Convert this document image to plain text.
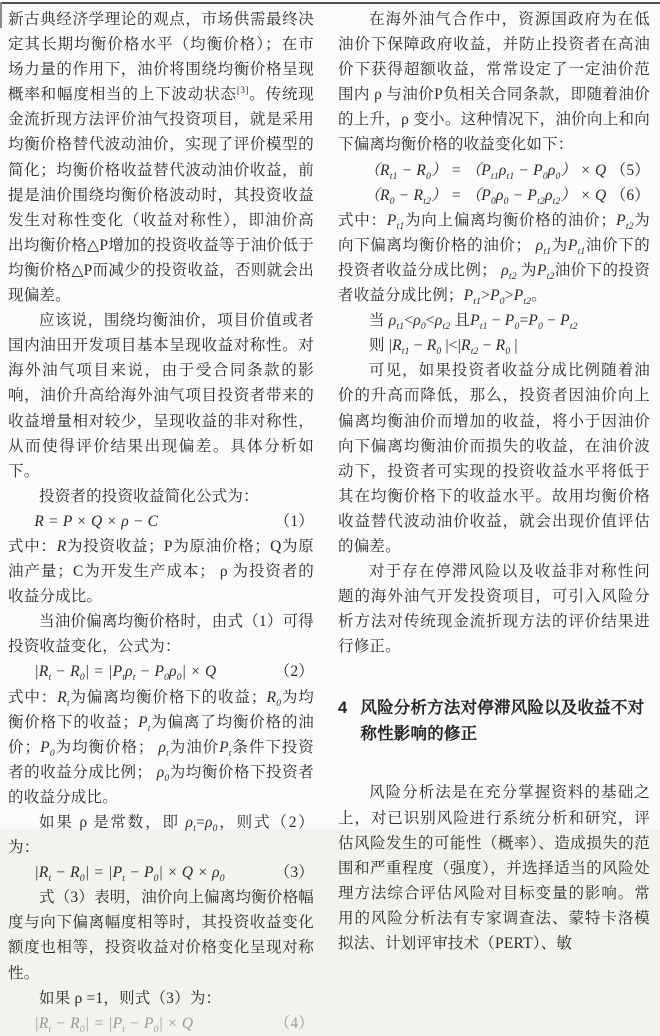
新古典经济学理论的观点，市场供需最终决定其长期均衡价格水平（均衡价格）；在市场力量的作用下，油价将围绕均衡价格呈现概率和幅度相当的上下波动状态[3]。传统现金流折现方法评价油气投资项目，就是采用均衡价格替代波动油价，实现了评价模型的简化；均衡价格收益替代波动油价收益，前提是油价围绕均衡价格波动时，其投资收益发生对称性变化（收益对称性），即油价高出均衡价格△P增加的投资收益等于油价低于均衡价格△P而减少的投资收益，否则就会出现偏差。

应该说，围绕均衡油价，项目价值或者国内油田开发项目基本呈现收益对称性。对海外油气项目来说，由于受合同条款的影响，油价升高给海外油气项目投资者带来的收益增量相对较少，呈现收益的非对称性，从而使得评价结果出现偏差。具体分析如下。

投资者的投资收益简化公式为：

R = P × Q × ρ − C	（1）

式中：R为投资收益；P为原油价格；Q为原油产量；C为开发生产成本； ρ 为投资者的收益分成比。

当油价偏离均衡价格时，由式（1）可得投资收益变化，公式为：

$|R_t - R_0| = |P_t\rho_t - P_0\rho_0| \times Q$	（2）

式中：$R_t$为偏离均衡价格下的收益；$R_0$为均衡价格下的收益；$P_t$为偏离了均衡价格的油价；$P_0$为均衡价格； $\rho_t$为油价$P_t$条件下投资者的收益分成比例； $\rho_0$为均衡价格下投资者的收益分成比。

如果 ρ 是常数，即 $\rho_t=\rho_0$，则式（2）为：

$|R_t - R_0| = |P_t - P_0| \times Q \times \rho_0$	（3）

式（3）表明，油价向上偏离均衡价格幅度与向下偏离幅度相等时，其投资收益变化额度也相等，投资收益对价格变化呈现对称性。

如果 ρ =1，则式（3）为：

$|R_t - R_0| = |P_t - P_0| \times Q$	（4）

在海外油气合作中，资源国政府为在低油价下保障政府收益，并防止投资者在高油价下获得超额收益，常常设定了一定油价范围内 ρ 与油价P负相关合同条款，即随着油价的上升，ρ 变小。这种情况下，油价向上和向下偏离均衡价格的收益变化如下：

$(R_{t1} - R_0) = (P_{t1}\rho_{t1} - P_0\rho_0) \times Q$ （5）
$(R_0 - R_{t2}) = (P_0\rho_0 - P_{t2}\rho_{t2}) \times Q$ （6）

式中：$P_{t1}$为向上偏离均衡价格的油价；$P_{t2}$为向下偏离均衡价格的油价； $\rho_{t1}$为$P_{t1}$油价下的投资者收益分成比例； $\rho_{t2}$ 为$P_{t2}$油价下的投资者收益分成比例；$P_{t1}>P_0>P_{t2}$。

当 $\rho_{t1}<\rho_0<\rho_{t2}$ 且$P_{t1} - P_0=P_0 - P_{t2}$
则 $|R_{t1} - R_0$ $|<|R_{t2} - R_0$ |

可见，如果投资者收益分成比例随着油价的升高而降低，那么，投资者因油价向上偏离均衡油价而增加的收益，将小于因油价向下偏离均衡油价而损失的收益，在油价波动下，投资者可实现的投资收益水平将低于其在均衡价格下的收益水平。故用均衡价格收益替代波动油价收益，就会出现价值评估的偏差。

对于存在停滞风险以及收益非对称性问题的海外油气开发投资项目，可引入风险分析方法对传统现金流折现方法的评价结果进行修正。

4 风险分析方法对停滞风险以及收益不对称性影响的修正

风险分析法是在充分掌握资料的基础之上，对已识别风险进行系统分析和研究，评估风险发生的可能性（概率）、造成损失的范围和严重程度（强度），并选择适当的风险处理方法综合评估风险对目标变量的影响。常用的风险分析法有专家调查法、蒙特卡洛模拟法、计划评审技术（PERT）、敏
